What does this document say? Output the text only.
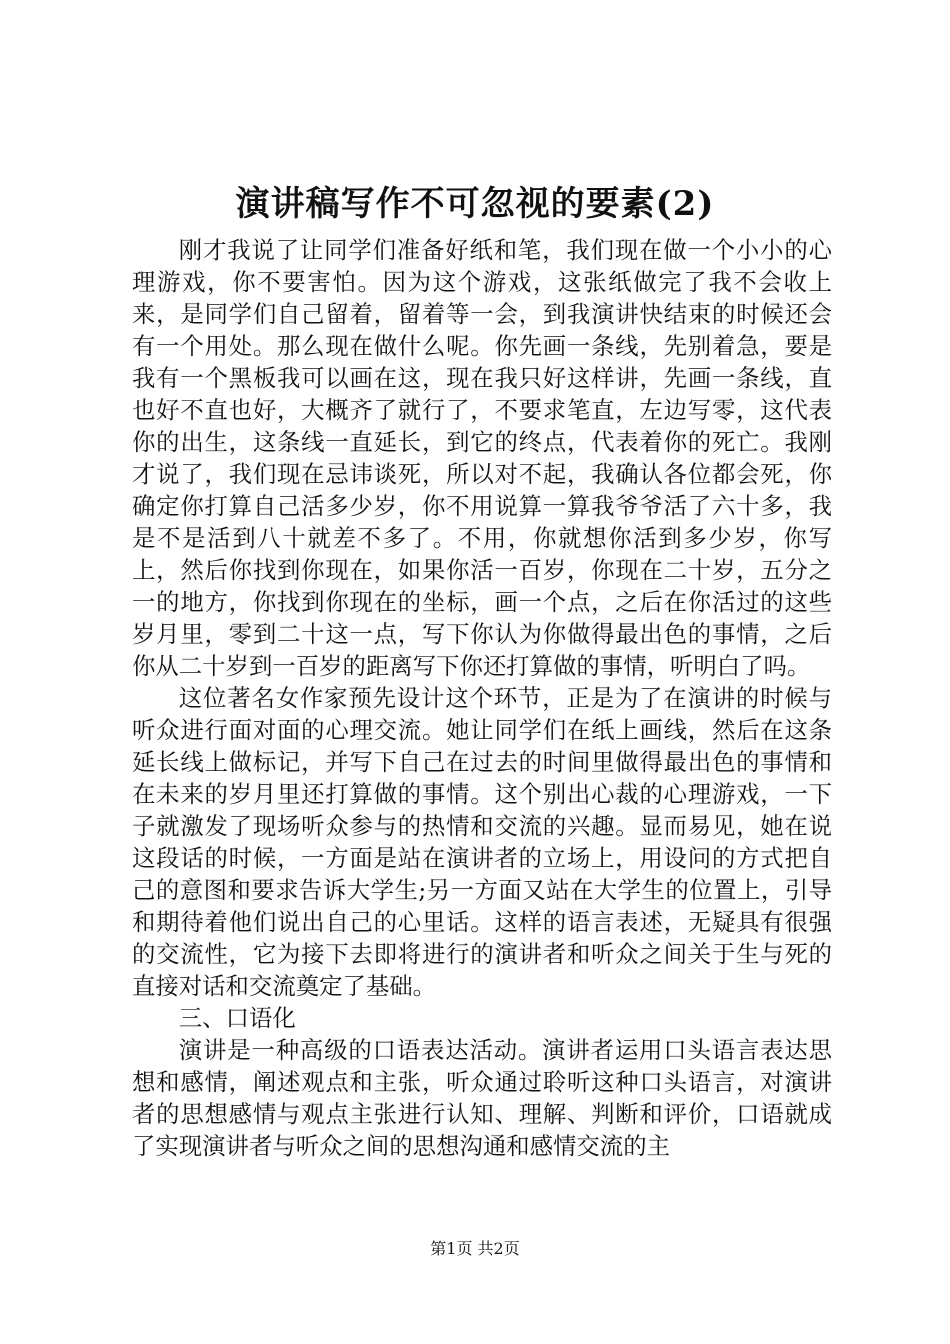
演讲稿写作不可忽视的要素(2)

刚才我说了让同学们准备好纸和笔，我们现在做一个小小的心理游戏，你不要害怕。因为这个游戏，这张纸做完了我不会收上来，是同学们自己留着，留着等一会，到我演讲快结束的时候还会有一个用处。那么现在做什么呢。你先画一条线，先别着急，要是我有一个黑板我可以画在这，现在我只好这样讲，先画一条线，直也好不直也好，大概齐了就行了，不要求笔直，左边写零，这代表你的出生，这条线一直延长，到它的终点，代表着你的死亡。我刚才说了，我们现在忌讳谈死，所以对不起，我确认各位都会死，你确定你打算自己活多少岁，你不用说算一算我爷爷活了六十多，我是不是活到八十就差不多了。不用，你就想你活到多少岁，你写上，然后你找到你现在，如果你活一百岁，你现在二十岁，五分之一的地方，你找到你现在的坐标，画一个点，之后在你活过的这些岁月里，零到二十这一点，写下你认为你做得最出色的事情，之后你从二十岁到一百岁的距离写下你还打算做的事情，听明白了吗。

这位著名女作家预先设计这个环节，正是为了在演讲的时候与听众进行面对面的心理交流。她让同学们在纸上画线，然后在这条延长线上做标记，并写下自己在过去的时间里做得最出色的事情和在未来的岁月里还打算做的事情。这个别出心裁的心理游戏，一下子就激发了现场听众参与的热情和交流的兴趣。显而易见，她在说这段话的时候，一方面是站在演讲者的立场上，用设问的方式把自己的意图和要求告诉大学生;另一方面又站在大学生的位置上，引导和期待着他们说出自己的心里话。这样的语言表述，无疑具有很强的交流性，它为接下去即将进行的演讲者和听众之间关于生与死的直接对话和交流奠定了基础。

三、口语化

演讲是一种高级的口语表达活动。演讲者运用口头语言表达思想和感情，阐述观点和主张，听众通过聆听这种口头语言，对演讲者的思想感情与观点主张进行认知、理解、判断和评价，口语就成了实现演讲者与听众之间的思想沟通和感情交流的主

第1页 共2页
